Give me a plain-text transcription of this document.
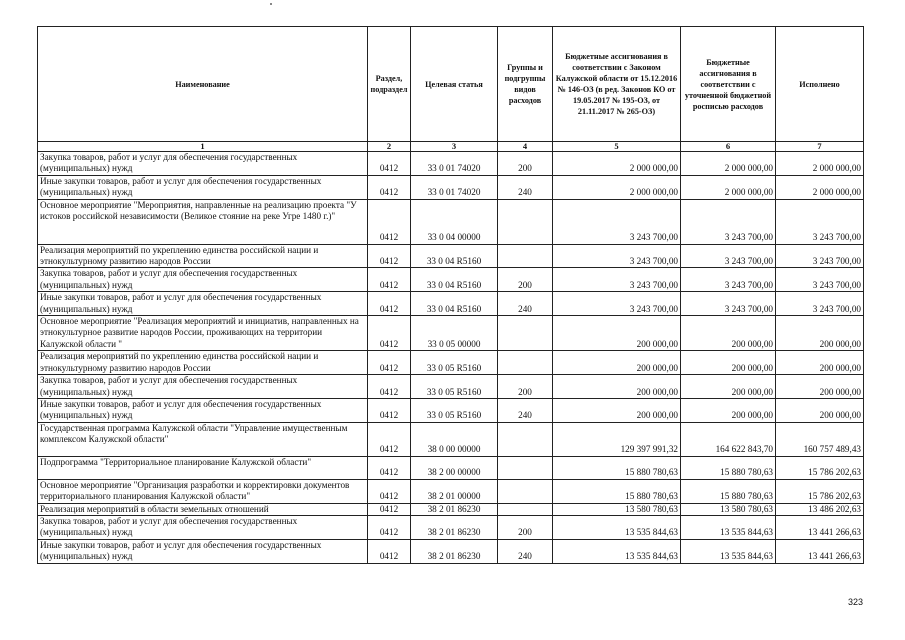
Наименование	Раздел, подраздел	Целевая статья	Группы и подгруппы видов расходов	Бюджетные ассигнования в соответствии с Законом Калужской области от 15.12.2016 № 146-ОЗ (в ред. Законов КО от 19.05.2017 № 195-ОЗ, от 21.11.2017 № 265-ОЗ)	Бюджетные ассигнования в соответствии с уточненной бюджетной росписью расходов	Исполнено
1	2	3	4	5	6	7
Закупка товаров, работ и услуг для обеспечения государственных (муниципальных) нужд	0412	33 0 01 74020	200	2 000 000,00	2 000 000,00	2 000 000,00
Иные закупки товаров, работ и услуг для обеспечения государственных (муниципальных) нужд	0412	33 0 01 74020	240	2 000 000,00	2 000 000,00	2 000 000,00
Основное мероприятие "Мероприятия, направленные на реализацию проекта "У истоков российской независимости (Великое стояние на реке Угре 1480 г.)"	0412	33 0 04 00000		3 243 700,00	3 243 700,00	3 243 700,00
Реализация мероприятий по укреплению единства российской нации и этнокультурному развитию народов России	0412	33 0 04 R5160		3 243 700,00	3 243 700,00	3 243 700,00
Закупка товаров, работ и услуг для обеспечения государственных (муниципальных) нужд	0412	33 0 04 R5160	200	3 243 700,00	3 243 700,00	3 243 700,00
Иные закупки товаров, работ и услуг для обеспечения государственных (муниципальных) нужд	0412	33 0 04 R5160	240	3 243 700,00	3 243 700,00	3 243 700,00
Основное мероприятие "Реализация мероприятий и инициатив, направленных на этнокультурное развитие народов России, проживающих на территории Калужской области "	0412	33 0 05 00000		200 000,00	200 000,00	200 000,00
Реализация мероприятий по укреплению единства российской нации и этнокультурному развитию народов России	0412	33 0 05 R5160		200 000,00	200 000,00	200 000,00
Закупка товаров, работ и услуг для обеспечения государственных (муниципальных) нужд	0412	33 0 05 R5160	200	200 000,00	200 000,00	200 000,00
Иные закупки товаров, работ и услуг для обеспечения государственных (муниципальных) нужд	0412	33 0 05 R5160	240	200 000,00	200 000,00	200 000,00
Государственная программа Калужской области "Управление имущественным комплексом Калужской области"	0412	38 0 00 00000		129 397 991,32	164 622 843,70	160 757 489,43
Подпрограмма "Территориальное планирование Калужской области"	0412	38 2 00 00000		15 880 780,63	15 880 780,63	15 786 202,63
Основное мероприятие "Организация разработки и корректировки документов территориального планирования Калужской области"	0412	38 2 01 00000		15 880 780,63	15 880 780,63	15 786 202,63
Реализация мероприятий в области земельных отношений	0412	38 2 01 86230		13 580 780,63	13 580 780,63	13 486 202,63
Закупка товаров, работ и услуг для обеспечения государственных (муниципальных) нужд	0412	38 2 01 86230	200	13 535 844,63	13 535 844,63	13 441 266,63
Иные закупки товаров, работ и услуг для обеспечения государственных (муниципальных) нужд	0412	38 2 01 86230	240	13 535 844,63	13 535 844,63	13 441 266,63
323
